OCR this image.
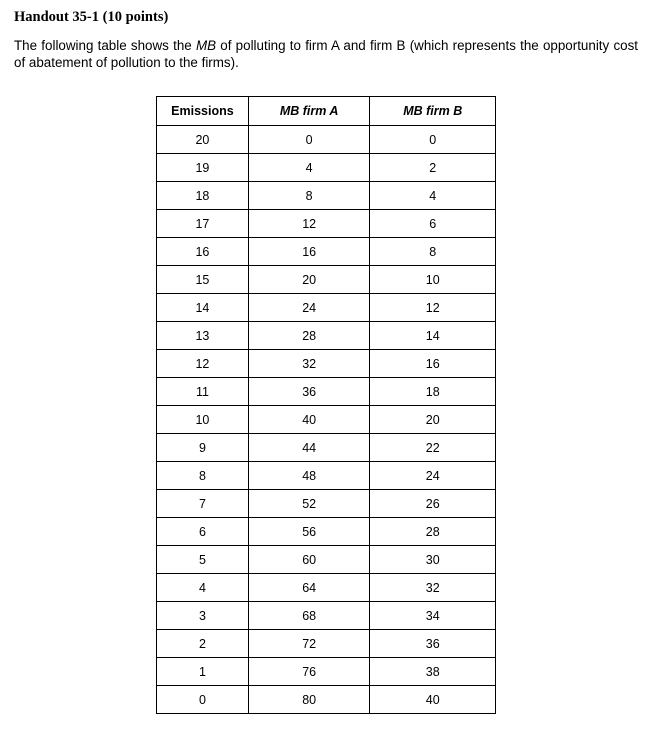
Handout 35-1 (10 points)

The following table shows the MB of polluting to firm A and firm B (which represents the opportunity cost of abatement of pollution to the firms).

Emissions	MB firm A	MB firm B
20	0	0
19	4	2
18	8	4
17	12	6
16	16	8
15	20	10
14	24	12
13	28	14
12	32	16
11	36	18
10	40	20
9	44	22
8	48	24
7	52	26
6	56	28
5	60	30
4	64	32
3	68	34
2	72	36
1	76	38
0	80	40
